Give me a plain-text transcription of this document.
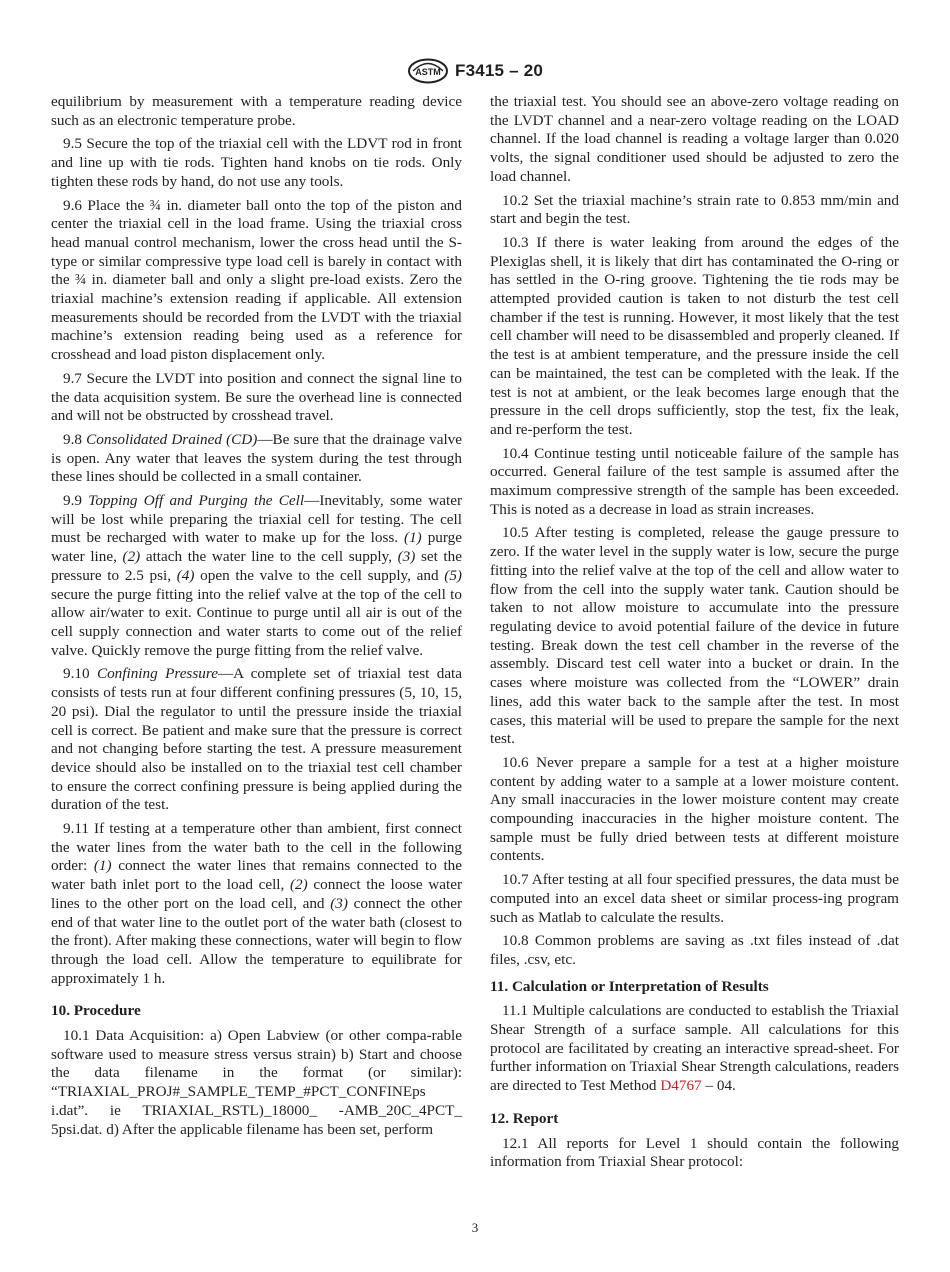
ASTM F3415 – 20

equilibrium by measurement with a temperature reading device such as an electronic temperature probe.

9.5 Secure the top of the triaxial cell with the LDVT rod in front and line up with tie rods. Tighten hand knobs on tie rods. Only tighten these rods by hand, do not use any tools.

9.6 Place the ¾ in. diameter ball onto the top of the piston and center the triaxial cell in the load frame. Using the triaxial cross head manual control mechanism, lower the cross head until the S-type or similar compressive type load cell is barely in contact with the ¾ in. diameter ball and only a slight pre-load exists. Zero the triaxial machine’s extension reading if applicable. All extension measurements should be recorded from the LVDT with the triaxial machine’s extension reading being used as a reference for crosshead and load piston displacement only.

9.7 Secure the LVDT into position and connect the signal line to the data acquisition system. Be sure the overhead line is connected and will not be obstructed by crosshead travel.

9.8 Consolidated Drained (CD)—Be sure that the drainage valve is open. Any water that leaves the system during the test through these lines should be collected in a small container.

9.9 Topping Off and Purging the Cell—Inevitably, some water will be lost while preparing the triaxial cell for testing. The cell must be recharged with water to make up for the loss. (1) purge water line, (2) attach the water line to the cell supply, (3) set the pressure to 2.5 psi, (4) open the valve to the cell supply, and (5) secure the purge fitting into the relief valve at the top of the cell to allow air/water to exit. Continue to purge until all air is out of the cell supply connection and water starts to come out of the relief valve. Quickly remove the purge fitting from the relief valve.

9.10 Confining Pressure—A complete set of triaxial test data consists of tests run at four different confining pressures (5, 10, 15, 20 psi). Dial the regulator to until the pressure inside the triaxial cell is correct. Be patient and make sure that the pressure is correct and not changing before starting the test. A pressure measurement device should also be installed on to the triaxial test cell chamber to ensure the correct confining pressure is being applied during the duration of the test.

9.11 If testing at a temperature other than ambient, first connect the water lines from the water bath to the cell in the following order: (1) connect the water lines that remains connected to the water bath inlet port to the load cell, (2) connect the loose water lines to the other port on the load cell, and (3) connect the other end of that water line to the outlet port of the water bath (closest to the front). After making these connections, water will begin to flow through the load cell. Allow the temperature to equilibrate for approximately 1 h.

10. Procedure

10.1 Data Acquisition: a) Open Labview (or other compa-rable software used to measure stress versus strain) b) Start and choose the data filename in the format (or similar): “TRIAXIAL_PROJ#_SAMPLE_TEMP_#PCT_CONFINEps i.dat”. ie TRIAXIAL_RSTL)_18000_ -AMB_20C_4PCT_ 5psi.dat. d) After the applicable filename has been set, perform

the triaxial test. You should see an above-zero voltage reading on the LVDT channel and a near-zero voltage reading on the LOAD channel. If the load channel is reading a voltage larger than 0.020 volts, the signal conditioner used should be adjusted to zero the load channel.

10.2 Set the triaxial machine’s strain rate to 0.853 mm/min and start and begin the test.

10.3 If there is water leaking from around the edges of the Plexiglas shell, it is likely that dirt has contaminated the O-ring or has settled in the O-ring groove. Tightening the tie rods may be attempted provided caution is taken to not disturb the test cell chamber if the test is running. However, it most likely that the test cell chamber will need to be disassembled and properly cleaned. If the test is at ambient temperature, and the pressure inside the cell can be maintained, the test can be completed with the leak. If the test is not at ambient, or the leak becomes large enough that the pressure in the cell drops sufficiently, stop the test, fix the leak, and re-perform the test.

10.4 Continue testing until noticeable failure of the sample has occurred. General failure of the test sample is assumed after the maximum compressive strength of the sample has been exceeded. This is noted as a decrease in load as strain increases.

10.5 After testing is completed, release the gauge pressure to zero. If the water level in the supply water is low, secure the purge fitting into the relief valve at the top of the cell and allow water to flow from the cell into the supply water tank. Caution should be taken to not allow moisture to accumulate into the pressure regulating device to avoid potential failure of the device in future testing. Break down the test cell chamber in the reverse of the assembly. Discard test cell water into a bucket or drain. In the cases where moisture was collected from the “LOWER” drain lines, add this water back to the sample after the test. In most cases, this material will be used to prepare the sample for the next test.

10.6 Never prepare a sample for a test at a higher moisture content by adding water to a sample at a lower moisture content. Any small inaccuracies in the lower moisture content may create compounding inaccuracies in the higher moisture content. The sample must be fully dried between tests at different moisture contents.

10.7 After testing at all four specified pressures, the data must be computed into an excel data sheet or similar process-ing program such as Matlab to calculate the results.

10.8 Common problems are saving as .txt files instead of .dat files, .csv, etc.

11. Calculation or Interpretation of Results

11.1 Multiple calculations are conducted to establish the Triaxial Shear Strength of a surface sample. All calculations for this protocol are facilitated by creating an interactive spread-sheet. For further information on Triaxial Shear Strength calculations, readers are directed to Test Method D4767 – 04.

12. Report

12.1 All reports for Level 1 should contain the following information from Triaxial Shear protocol:

3
